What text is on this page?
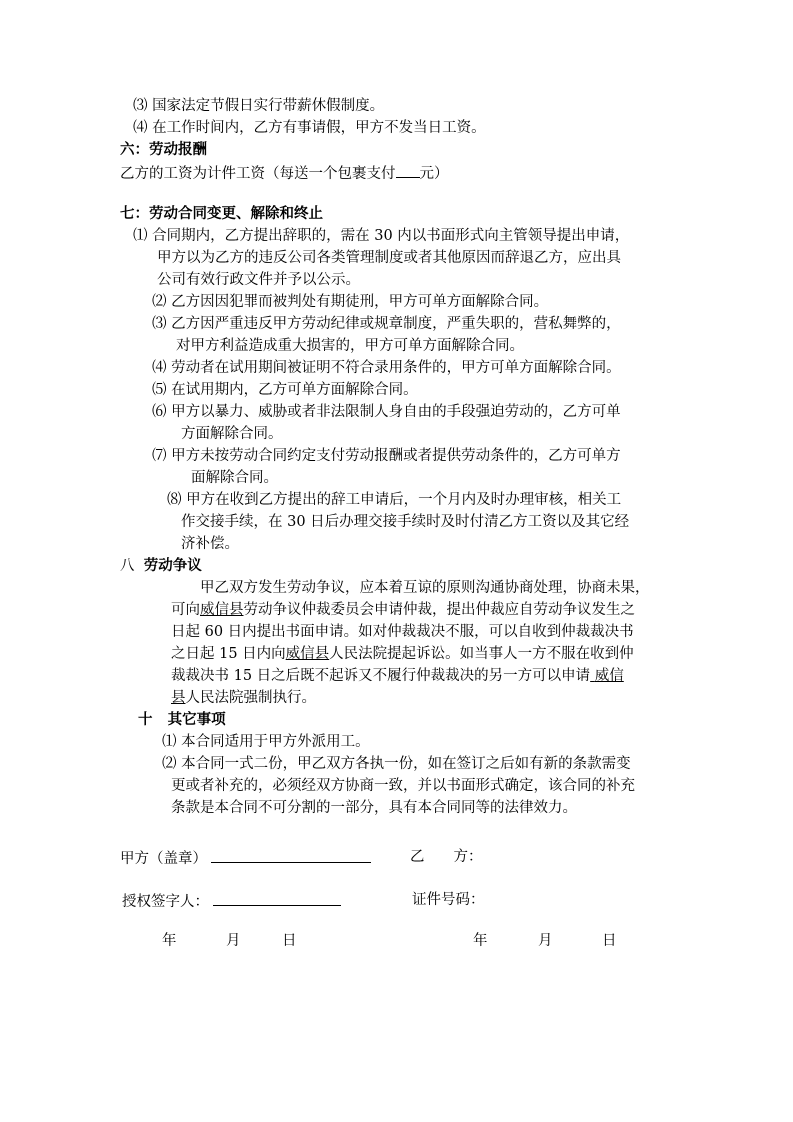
⑶ 国家法定节假日实行带薪休假制度。
⑷ 在工作时间内，乙方有事请假，甲方不发当日工资。
六：劳动报酬
乙方的工资为计件工资（每送一个包裹支付 元）
七：劳动合同变更、解除和终止
⑴ 合同期内，乙方提出辞职的，需在 30 内以书面形式向主管领导提出申请，
甲方以为乙方的违反公司各类管理制度或者其他原因而辞退乙方，应出具
公司有效行政文件并予以公示。
⑵ 乙方因因犯罪而被判处有期徒刑，甲方可单方面解除合同。
⑶ 乙方因严重违反甲方劳动纪律或规章制度，严重失职的，营私舞弊的，
对甲方利益造成重大损害的，甲方可单方面解除合同。
⑷ 劳动者在试用期间被证明不符合录用条件的，甲方可单方面解除合同。
⑸ 在试用期内，乙方可单方面解除合同。
⑹ 甲方以暴力、威胁或者非法限制人身自由的手段强迫劳动的，乙方可单
方面解除合同。
⑺ 甲方未按劳动合同约定支付劳动报酬或者提供劳动条件的，乙方可单方
面解除合同。
⑻ 甲方在收到乙方提出的辞工申请后，一个月内及时办理审核，相关工
作交接手续，在 30 日后办理交接手续时及时付清乙方工资以及其它经
济补偿。
八 劳动争议
甲乙双方发生劳动争议，应本着互谅的原则沟通协商处理，协商未果，
可向威信县劳动争议仲裁委员会申请仲裁，提出仲裁应自劳动争议发生之
日起 60 日内提出书面申请。如对仲裁裁决不服，可以自收到仲裁裁决书
之日起 15 日内向威信县人民法院提起诉讼。如当事人一方不服在收到仲
裁裁决书 15 日之后既不起诉又不履行仲裁裁决的另一方可以申请 威信
县人民法院强制执行。
十 其它事项
⑴ 本合同适用于甲方外派用工。
⑵ 本合同一式二份，甲乙双方各执一份，如在签订之后如有新的条款需变
更或者补充的，必须经双方协商一致，并以书面形式确定，该合同的补充
条款是本合同不可分割的一部分，具有本合同同等的法律效力。
甲方（盖章）	乙　　方：
授权签字人：	证件号码：
年	月	日	年	月	日
